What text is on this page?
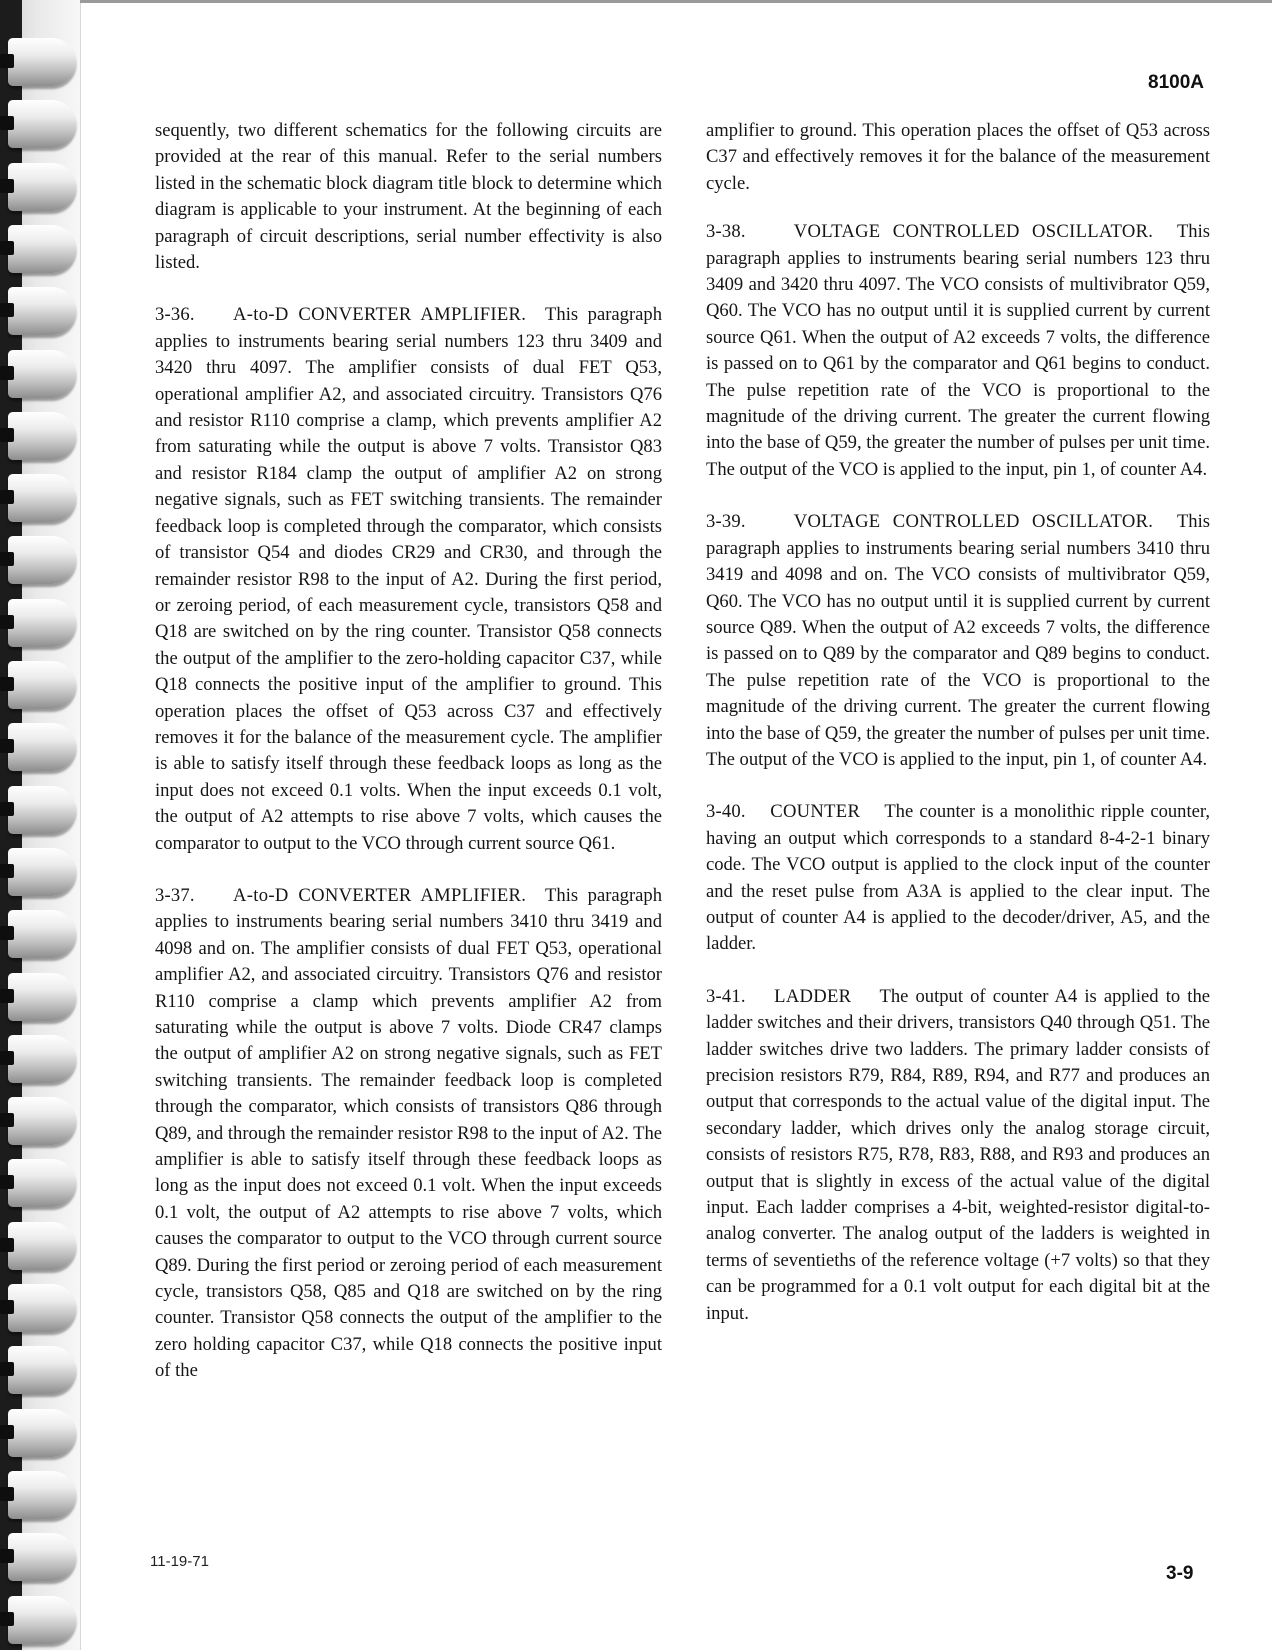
8100A

sequently, two different schematics for the following circuits are provided at the rear of this manual. Refer to the serial numbers listed in the schematic block diagram title block to determine which diagram is applicable to your instrument. At the beginning of each paragraph of circuit descriptions, serial number effectivity is also listed.

3-36. A-to-D CONVERTER AMPLIFIER. This paragraph applies to instruments bearing serial numbers 123 thru 3409 and 3420 thru 4097. The amplifier consists of dual FET Q53, operational amplifier A2, and associated circuitry. Transistors Q76 and resistor R110 comprise a clamp, which prevents amplifier A2 from saturating while the output is above 7 volts. Transistor Q83 and resistor R184 clamp the output of amplifier A2 on strong negative signals, such as FET switching transients. The remainder feedback loop is completed through the comparator, which consists of transistor Q54 and diodes CR29 and CR30, and through the remainder resistor R98 to the input of A2. During the first period, or zeroing period, of each measurement cycle, transistors Q58 and Q18 are switched on by the ring counter. Transistor Q58 connects the output of the amplifier to the zero-holding capacitor C37, while Q18 connects the positive input of the amplifier to ground. This operation places the offset of Q53 across C37 and effectively removes it for the balance of the measurement cycle. The amplifier is able to satisfy itself through these feedback loops as long as the input does not exceed 0.1 volts. When the input exceeds 0.1 volt, the output of A2 attempts to rise above 7 volts, which causes the comparator to output to the VCO through current source Q61.

3-37. A-to-D CONVERTER AMPLIFIER. This paragraph applies to instruments bearing serial numbers 3410 thru 3419 and 4098 and on. The amplifier consists of dual FET Q53, operational amplifier A2, and associated circuitry. Transistors Q76 and resistor R110 comprise a clamp which prevents amplifier A2 from saturating while the output is above 7 volts. Diode CR47 clamps the output of amplifier A2 on strong negative signals, such as FET switching transients. The remainder feedback loop is completed through the comparator, which consists of transistors Q86 through Q89, and through the remainder resistor R98 to the input of A2. The amplifier is able to satisfy itself through these feedback loops as long as the input does not exceed 0.1 volt. When the input exceeds 0.1 volt, the output of A2 attempts to rise above 7 volts, which causes the comparator to output to the VCO through current source Q89. During the first period or zeroing period of each measurement cycle, transistors Q58, Q85 and Q18 are switched on by the ring counter. Transistor Q58 connects the output of the amplifier to the zero holding capacitor C37, while Q18 connects the positive input of the

amplifier to ground. This operation places the offset of Q53 across C37 and effectively removes it for the balance of the measurement cycle.

3-38.	VOLTAGE CONTROLLED OSCILLATOR. This paragraph applies to instruments bearing serial numbers 123 thru 3409 and 3420 thru 4097. The VCO consists of multivibrator Q59, Q60. The VCO has no output until it is supplied current by current source Q61. When the output of A2 exceeds 7 volts, the difference is passed on to Q61 by the comparator and Q61 begins to conduct. The pulse repetition rate of the VCO is proportional to the magnitude of the driving current. The greater the current flowing into the base of Q59, the greater the number of pulses per unit time. The output of the VCO is applied to the input, pin 1, of counter A4.

3-39.	VOLTAGE CONTROLLED OSCILLATOR. This paragraph applies to instruments bearing serial numbers 3410 thru 3419 and 4098 and on. The VCO consists of multivibrator Q59, Q60. The VCO has no output until it is supplied current by current source Q89. When the output of A2 exceeds 7 volts, the difference is passed on to Q89 by the comparator and Q89 begins to conduct. The pulse repetition rate of the VCO is proportional to the magnitude of the driving current. The greater the current flowing into the base of Q59, the greater the number of pulses per unit time. The output of the VCO is applied to the input, pin 1, of counter A4.

3-40. COUNTER The counter is a monolithic ripple counter, having an output which corresponds to a standard 8-4-2-1 binary code. The VCO output is applied to the clock input of the counter and the reset pulse from A3A is applied to the clear input. The output of counter A4 is applied to the decoder/driver, A5, and the ladder.

3-41. LADDER The output of counter A4 is applied to the ladder switches and their drivers, transistors Q40 through Q51. The ladder switches drive two ladders. The primary ladder consists of precision resistors R79, R84, R89, R94, and R77 and produces an output that corresponds to the actual value of the digital input. The secondary ladder, which drives only the analog storage circuit, consists of resistors R75, R78, R83, R88, and R93 and produces an output that is slightly in excess of the actual value of the digital input. Each ladder comprises a 4-bit, weighted-resistor digital-to-analog converter. The analog output of the ladders is weighted in terms of seventieths of the reference voltage (+7 volts) so that they can be programmed for a 0.1 volt output for each digital bit at the input.

11-19-71
3-9
